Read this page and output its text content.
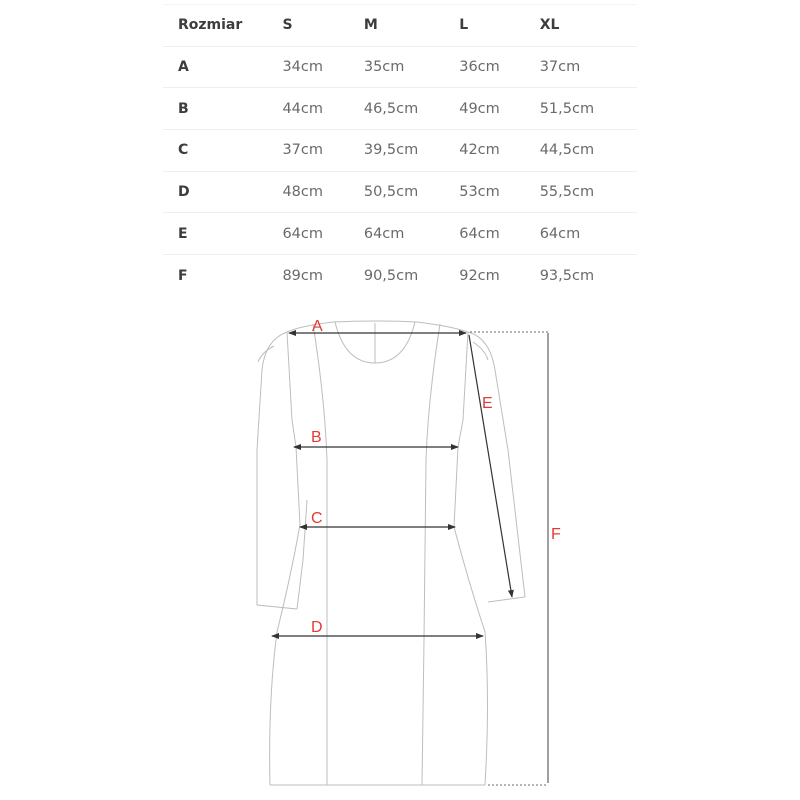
Rozmiar	S	M	L	XL
A	34cm	35cm	36cm	37cm
B	44cm	46,5cm	49cm	51,5cm
C	37cm	39,5cm	42cm	44,5cm
D	48cm	50,5cm	53cm	55,5cm
E	64cm	64cm	64cm	64cm
F	89cm	90,5cm	92cm	93,5cm
A
B
C
D
E
F
